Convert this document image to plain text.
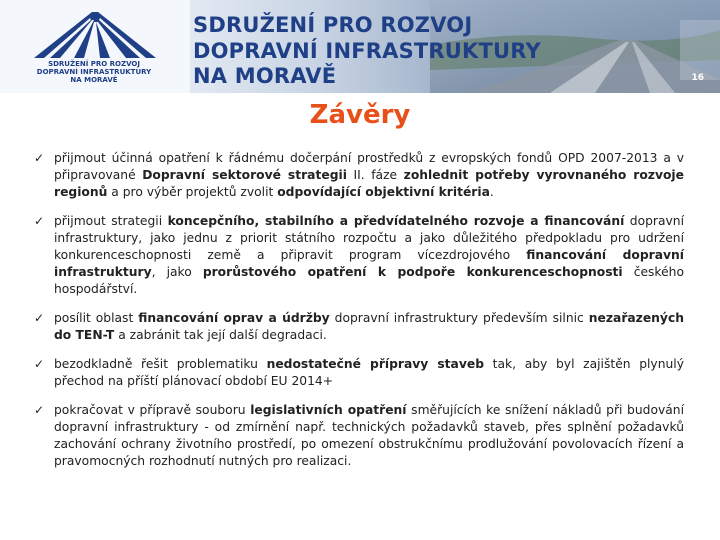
SDRUŽENÍ PRO ROZVOJ
DOPRAVNÍ INFRASTRUKTURY
NA MORAVĚ
SDRUŽENÍ PRO ROZVOJ
DOPRAVNÍ INFRASTRUKTURY
NA MORAVĚ	16
Závěry
✓ přijmout účinná opatření k řádnému dočerpání prostředků z evropských fondů OPD 2007-2013 a v připravované Dopravní sektorové strategii II. fáze zohlednit potřeby vyrovnaného rozvoje regionů a pro výběr projektů zvolit odpovídající objektivní kritéria.
✓ přijmout strategii koncepčního, stabilního a předvídatelného rozvoje a financování dopravní infrastruktury, jako jednu z priorit státního rozpočtu a jako důležitého předpokladu pro udržení konkurenceschopnosti země a připravit program vícezdrojového financování dopravní infrastruktury, jako prorůstového opatření k podpoře konkurenceschopnosti českého hospodářství.
✓ posílit oblast financování oprav a údržby dopravní infrastruktury především silnic nezařazených do TEN-T a zabránit tak její další degradaci.
✓ bezodkladně řešit problematiku nedostatečné přípravy staveb tak, aby byl zajištěn plynulý přechod na příští plánovací období EU 2014+
✓ pokračovat v přípravě souboru legislativních opatření směřujících ke snížení nákladů při budování dopravní infrastruktury - od zmírnění např. technických požadavků staveb, přes splnění požadavků zachování ochrany životního prostředí, po omezení obstrukčnímu prodlužování povolovacích řízení a pravomocných rozhodnutí nutných pro realizaci.
